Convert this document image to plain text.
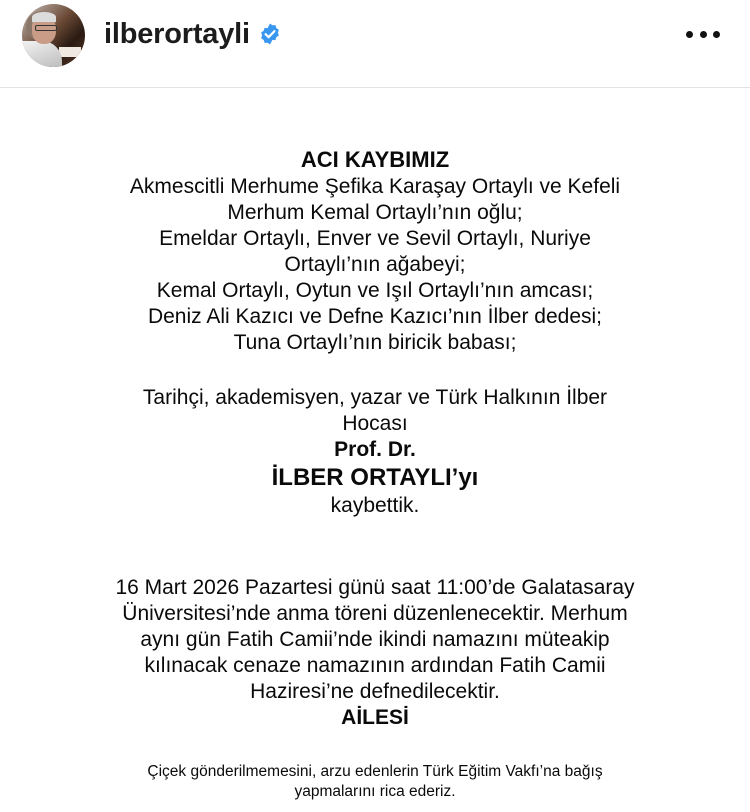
ilberortayli
ACI KAYBIMIZ
Akmescitli Merhume Şefika Karaşay Ortaylı ve Kefeli
Merhum Kemal Ortaylı’nın oğlu;
Emeldar Ortaylı, Enver ve Sevil Ortaylı, Nuriye
Ortaylı’nın ağabeyi;
Kemal Ortaylı, Oytun ve Işıl Ortaylı’nın amcası;
Deniz Ali Kazıcı ve Defne Kazıcı’nın İlber dedesi;
Tuna Ortaylı’nın biricik babası;
Tarihçi, akademisyen, yazar ve Türk Halkının İlber
Hocası
Prof. Dr.
İLBER ORTAYLI’yı
kaybettik.
16 Mart 2026 Pazartesi günü saat 11:00’de Galatasaray
Üniversitesi’nde anma töreni düzenlenecektir. Merhum
aynı gün Fatih Camii’nde ikindi namazını müteakip
kılınacak cenaze namazının ardından Fatih Camii
Haziresi’ne defnedilecektir.
AİLESİ
Çiçek gönderilmemesini, arzu edenlerin Türk Eğitim Vakfı’na bağış
yapmalarını rica ederiz.
